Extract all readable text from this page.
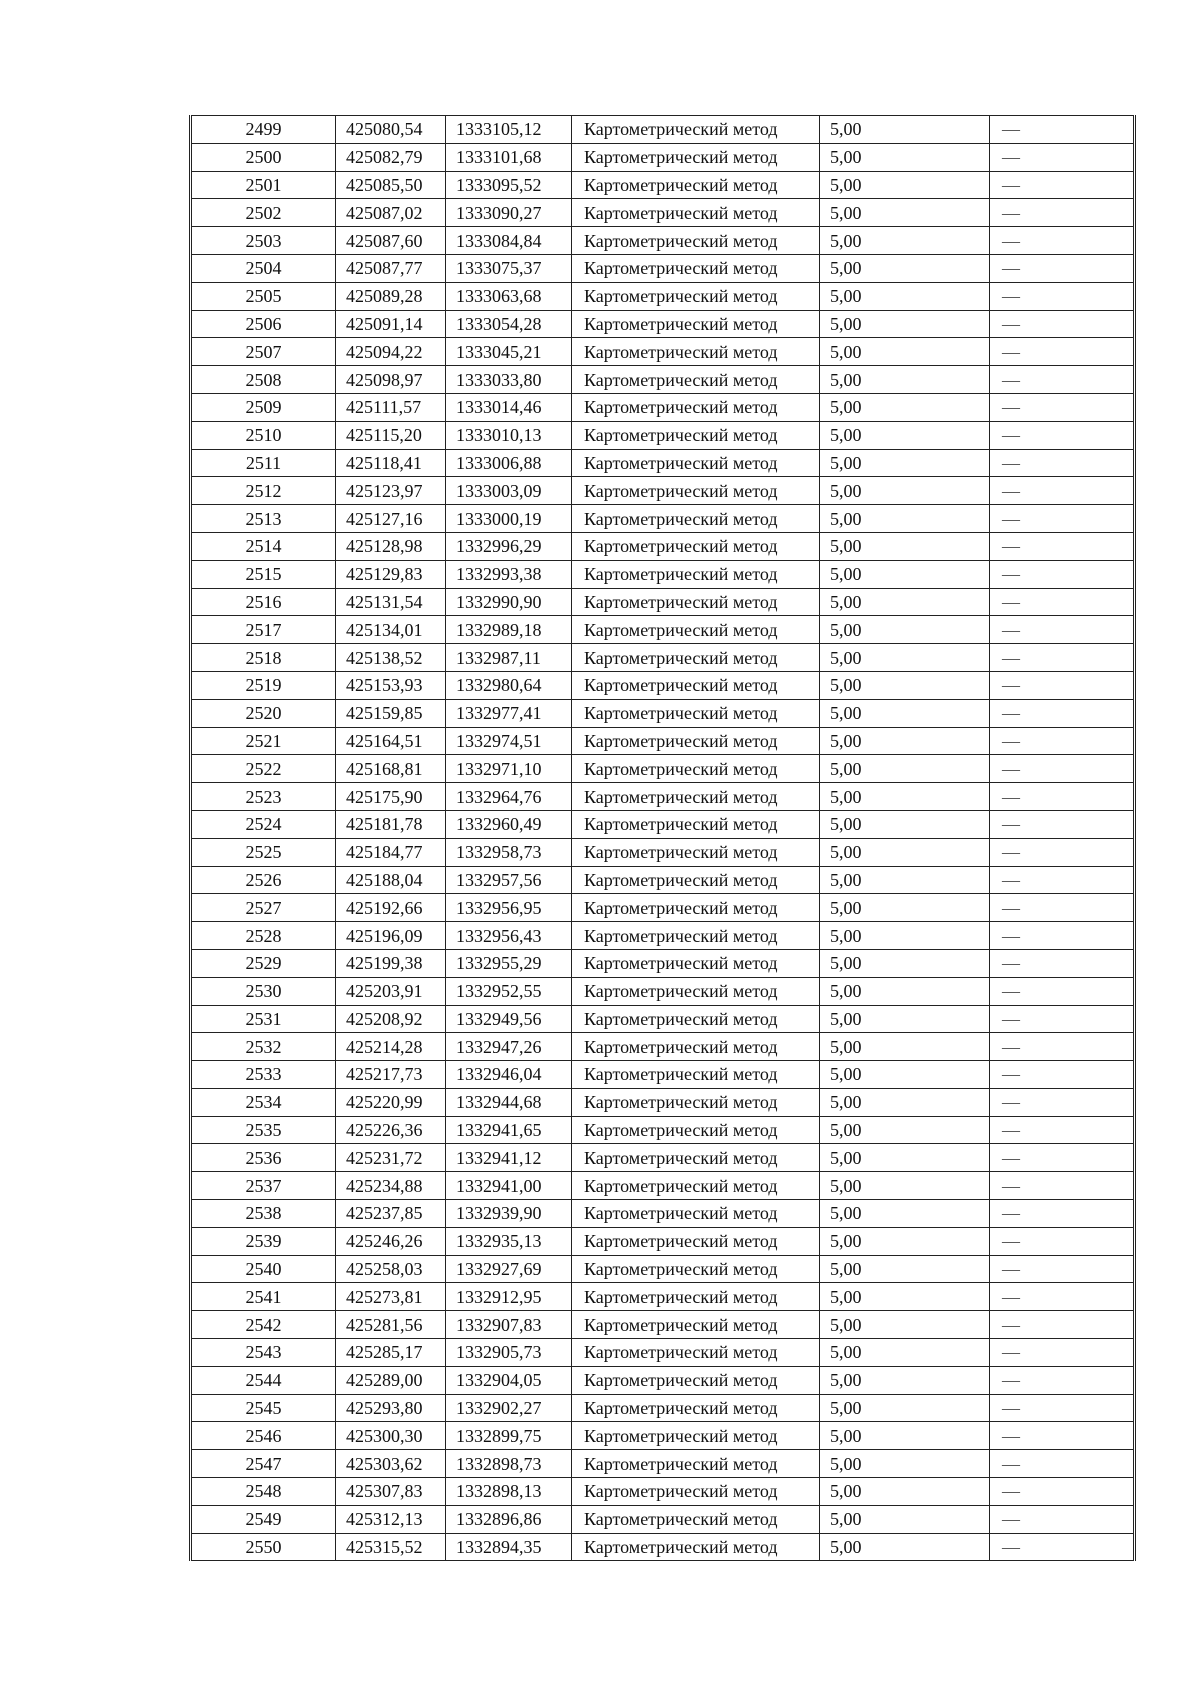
2499	425080,54	1333105,12	Картометрический метод	5,00	—
2500	425082,79	1333101,68	Картометрический метод	5,00	—
2501	425085,50	1333095,52	Картометрический метод	5,00	—
2502	425087,02	1333090,27	Картометрический метод	5,00	—
2503	425087,60	1333084,84	Картометрический метод	5,00	—
2504	425087,77	1333075,37	Картометрический метод	5,00	—
2505	425089,28	1333063,68	Картометрический метод	5,00	—
2506	425091,14	1333054,28	Картометрический метод	5,00	—
2507	425094,22	1333045,21	Картометрический метод	5,00	—
2508	425098,97	1333033,80	Картометрический метод	5,00	—
2509	425111,57	1333014,46	Картометрический метод	5,00	—
2510	425115,20	1333010,13	Картометрический метод	5,00	—
2511	425118,41	1333006,88	Картометрический метод	5,00	—
2512	425123,97	1333003,09	Картометрический метод	5,00	—
2513	425127,16	1333000,19	Картометрический метод	5,00	—
2514	425128,98	1332996,29	Картометрический метод	5,00	—
2515	425129,83	1332993,38	Картометрический метод	5,00	—
2516	425131,54	1332990,90	Картометрический метод	5,00	—
2517	425134,01	1332989,18	Картометрический метод	5,00	—
2518	425138,52	1332987,11	Картометрический метод	5,00	—
2519	425153,93	1332980,64	Картометрический метод	5,00	—
2520	425159,85	1332977,41	Картометрический метод	5,00	—
2521	425164,51	1332974,51	Картометрический метод	5,00	—
2522	425168,81	1332971,10	Картометрический метод	5,00	—
2523	425175,90	1332964,76	Картометрический метод	5,00	—
2524	425181,78	1332960,49	Картометрический метод	5,00	—
2525	425184,77	1332958,73	Картометрический метод	5,00	—
2526	425188,04	1332957,56	Картометрический метод	5,00	—
2527	425192,66	1332956,95	Картометрический метод	5,00	—
2528	425196,09	1332956,43	Картометрический метод	5,00	—
2529	425199,38	1332955,29	Картометрический метод	5,00	—
2530	425203,91	1332952,55	Картометрический метод	5,00	—
2531	425208,92	1332949,56	Картометрический метод	5,00	—
2532	425214,28	1332947,26	Картометрический метод	5,00	—
2533	425217,73	1332946,04	Картометрический метод	5,00	—
2534	425220,99	1332944,68	Картометрический метод	5,00	—
2535	425226,36	1332941,65	Картометрический метод	5,00	—
2536	425231,72	1332941,12	Картометрический метод	5,00	—
2537	425234,88	1332941,00	Картометрический метод	5,00	—
2538	425237,85	1332939,90	Картометрический метод	5,00	—
2539	425246,26	1332935,13	Картометрический метод	5,00	—
2540	425258,03	1332927,69	Картометрический метод	5,00	—
2541	425273,81	1332912,95	Картометрический метод	5,00	—
2542	425281,56	1332907,83	Картометрический метод	5,00	—
2543	425285,17	1332905,73	Картометрический метод	5,00	—
2544	425289,00	1332904,05	Картометрический метод	5,00	—
2545	425293,80	1332902,27	Картометрический метод	5,00	—
2546	425300,30	1332899,75	Картометрический метод	5,00	—
2547	425303,62	1332898,73	Картометрический метод	5,00	—
2548	425307,83	1332898,13	Картометрический метод	5,00	—
2549	425312,13	1332896,86	Картометрический метод	5,00	—
2550	425315,52	1332894,35	Картометрический метод	5,00	—
